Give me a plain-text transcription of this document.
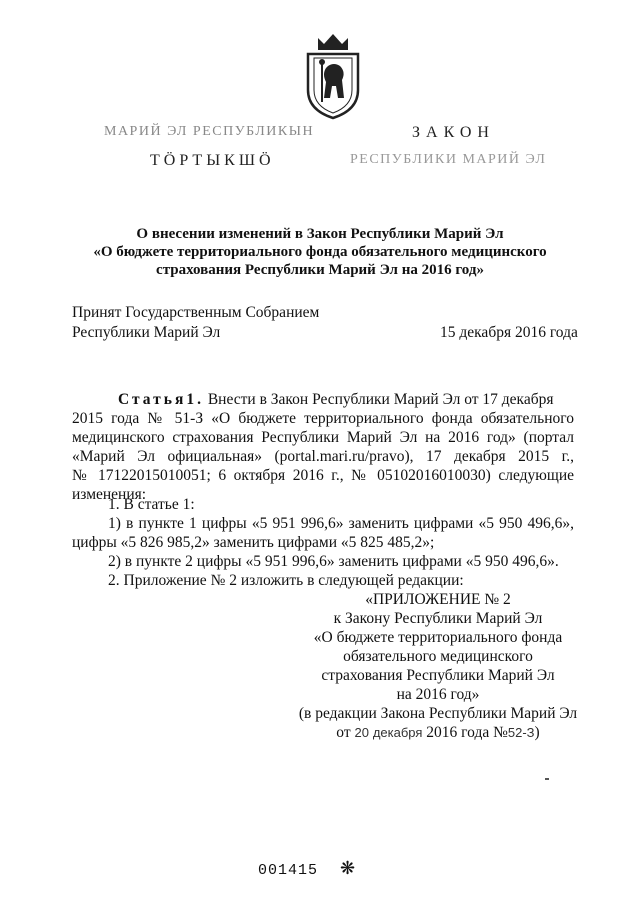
МАРИЙ ЭЛ РЕСПУБЛИКЫН
ТӦРТЫКШӦ
ЗАКОН
РЕСПУБЛИКИ МАРИЙ ЭЛ
О внесении изменений в Закон Республики Марий Эл
«О бюджете территориального фонда обязательного медицинского
страхования Республики Марий Эл на 2016 год»
Принят Государственным Собранием
Республики Марий Эл	15 декабря 2016 года
Статья1. Внести в Закон Республики Марий Эл от 17 декабря
2015 года № 51-З «О бюджете территориального фонда обязательного
медицинского страхования Республики Марий Эл на 2016 год» (портал
«Марий Эл официальная» (portal.mari.ru/pravo), 17 декабря 2015 г.,
№ 17122015010051; 6 октября 2016 г., № 05102016010030) следующие
изменения:
1. В статье 1:
1) в пункте 1 цифры «5 951 996,6» заменить цифрами «5 950 496,6»,
цифры «5 826 985,2» заменить цифрами «5 825 485,2»;
2) в пункте 2 цифры «5 951 996,6» заменить цифрами «5 950 496,6».
2. Приложение № 2 изложить в следующей редакции:
«ПРИЛОЖЕНИЕ № 2
к Закону Республики Марий Эл
«О бюджете территориального фонда
обязательного медицинского
страхования Республики Марий Эл
на 2016 год»
(в редакции Закона Республики Марий Эл
от 20 декабря 2016 года №52-З)
001415 ❋
